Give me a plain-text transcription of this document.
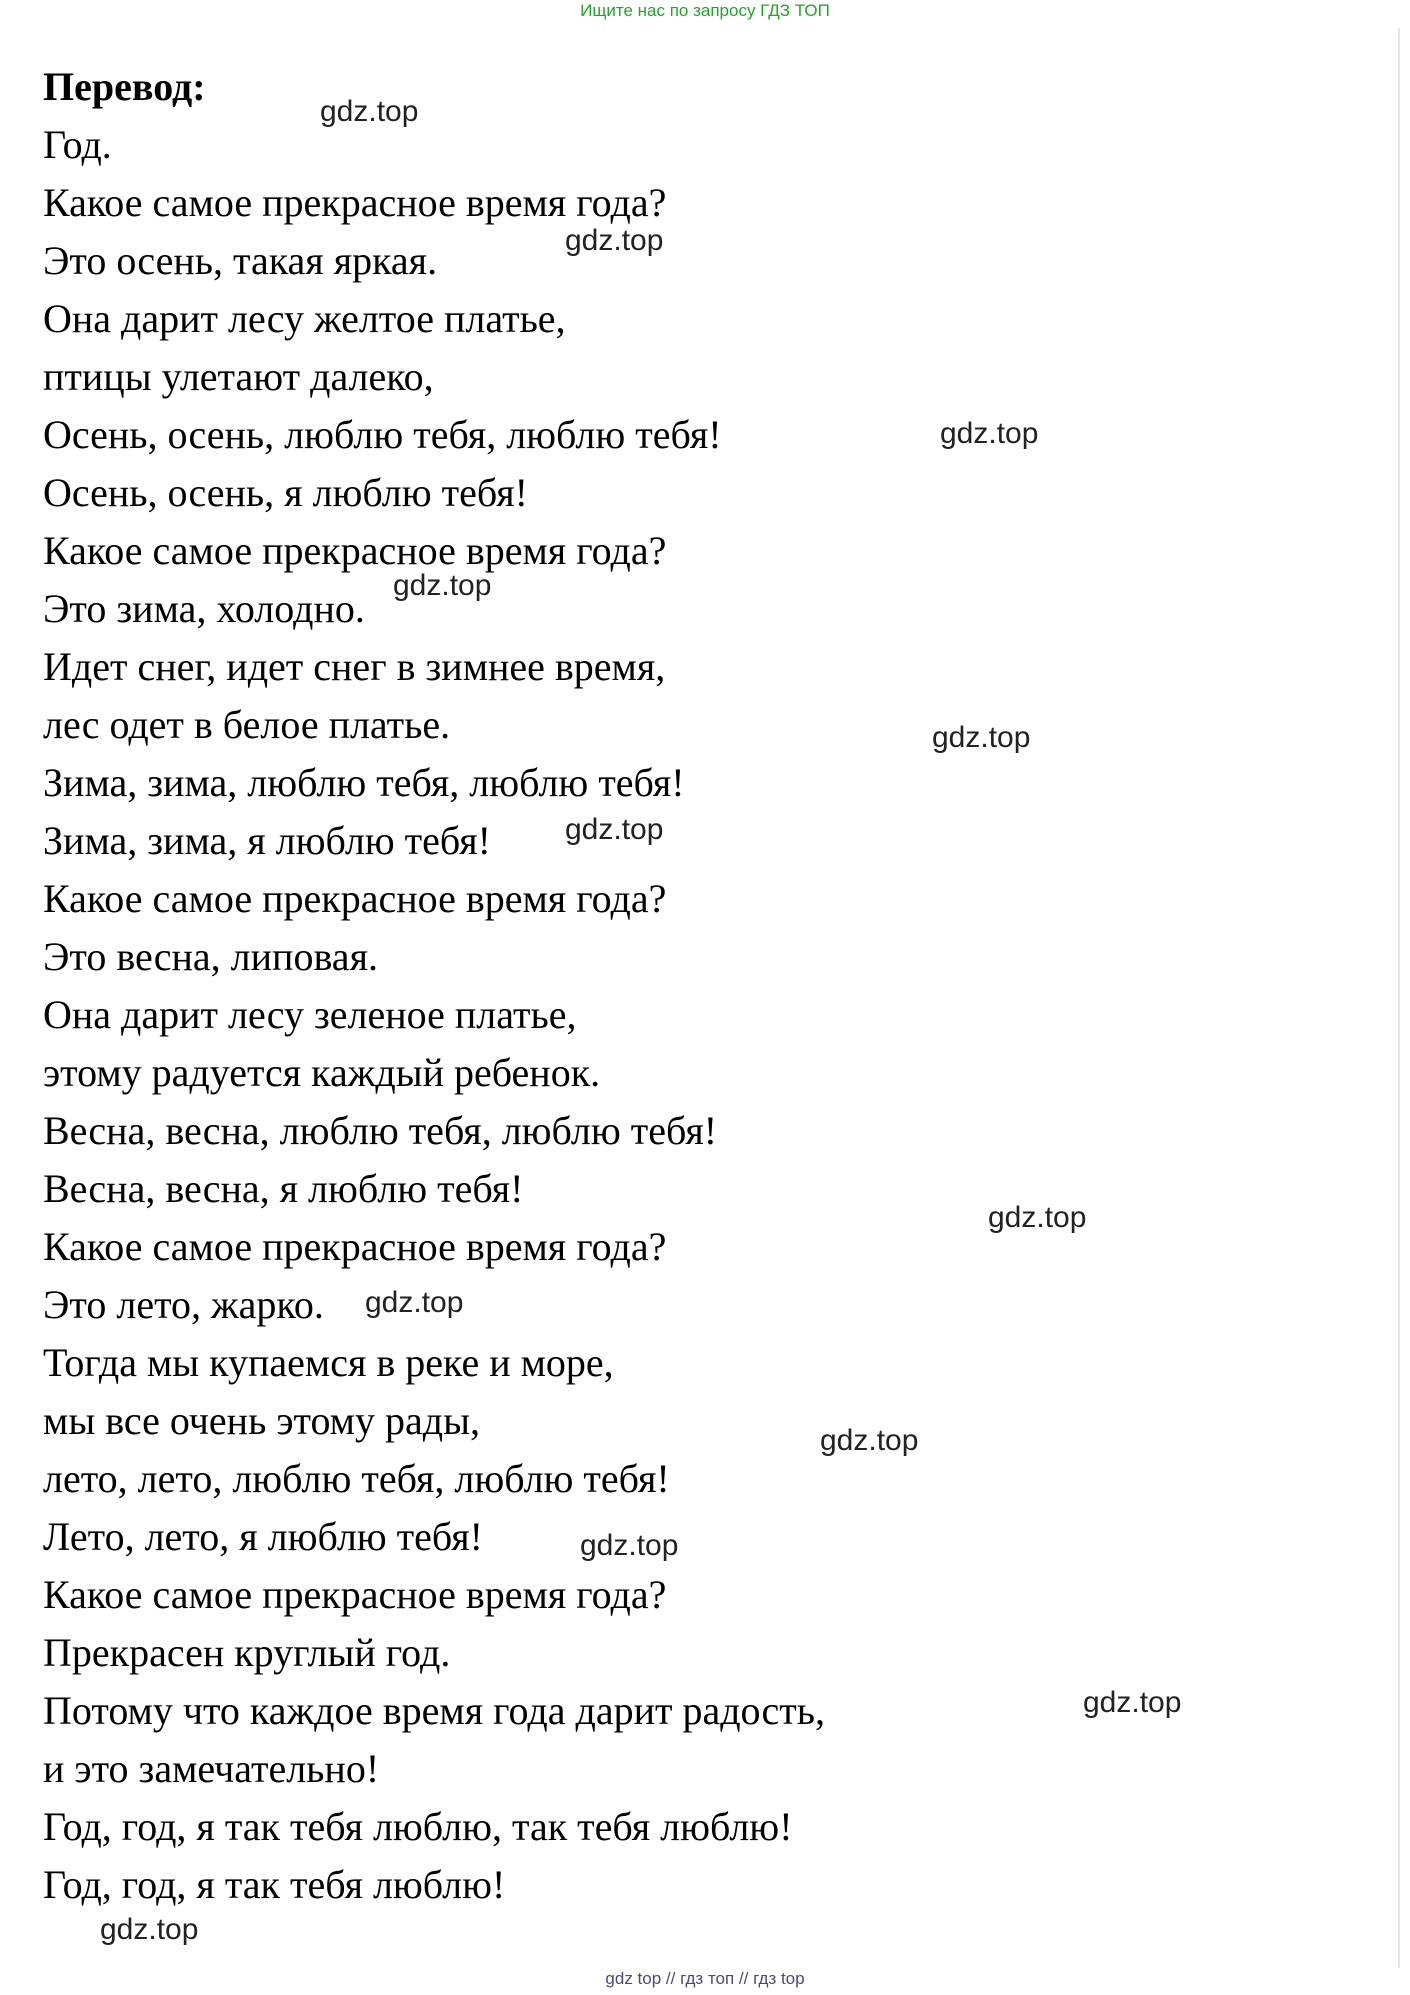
Ищите нас по запросу ГДЗ ТОП
Перевод:
Год.
Какое самое прекрасное время года?
Это осень, такая яркая.
Она дарит лесу желтое платье,
птицы улетают далеко,
Осень, осень, люблю тебя, люблю тебя!
Осень, осень, я люблю тебя!
Какое самое прекрасное время года?
Это зима, холодно.
Идет снег, идет снег в зимнее время,
лес одет в белое платье.
Зима, зима, люблю тебя, люблю тебя!
Зима, зима, я люблю тебя!
Какое самое прекрасное время года?
Это весна, липовая.
Она дарит лесу зеленое платье,
этому радуется каждый ребенок.
Весна, весна, люблю тебя, люблю тебя!
Весна, весна, я люблю тебя!
Какое самое прекрасное время года?
Это лето, жарко.
Тогда мы купаемся в реке и море,
мы все очень этому рады,
лето, лето, люблю тебя, люблю тебя!
Лето, лето, я люблю тебя!
Какое самое прекрасное время года?
Прекрасен круглый год.
Потому что каждое время года дарит радость,
и это замечательно!
Год, год, я так тебя люблю, так тебя люблю!
Год, год, я так тебя люблю!
gdz.top
gdz.top
gdz.top
gdz.top
gdz.top
gdz.top
gdz.top
gdz.top
gdz.top
gdz.top
gdz.top
gdz.top
gdz top // гдз топ // гдз top
